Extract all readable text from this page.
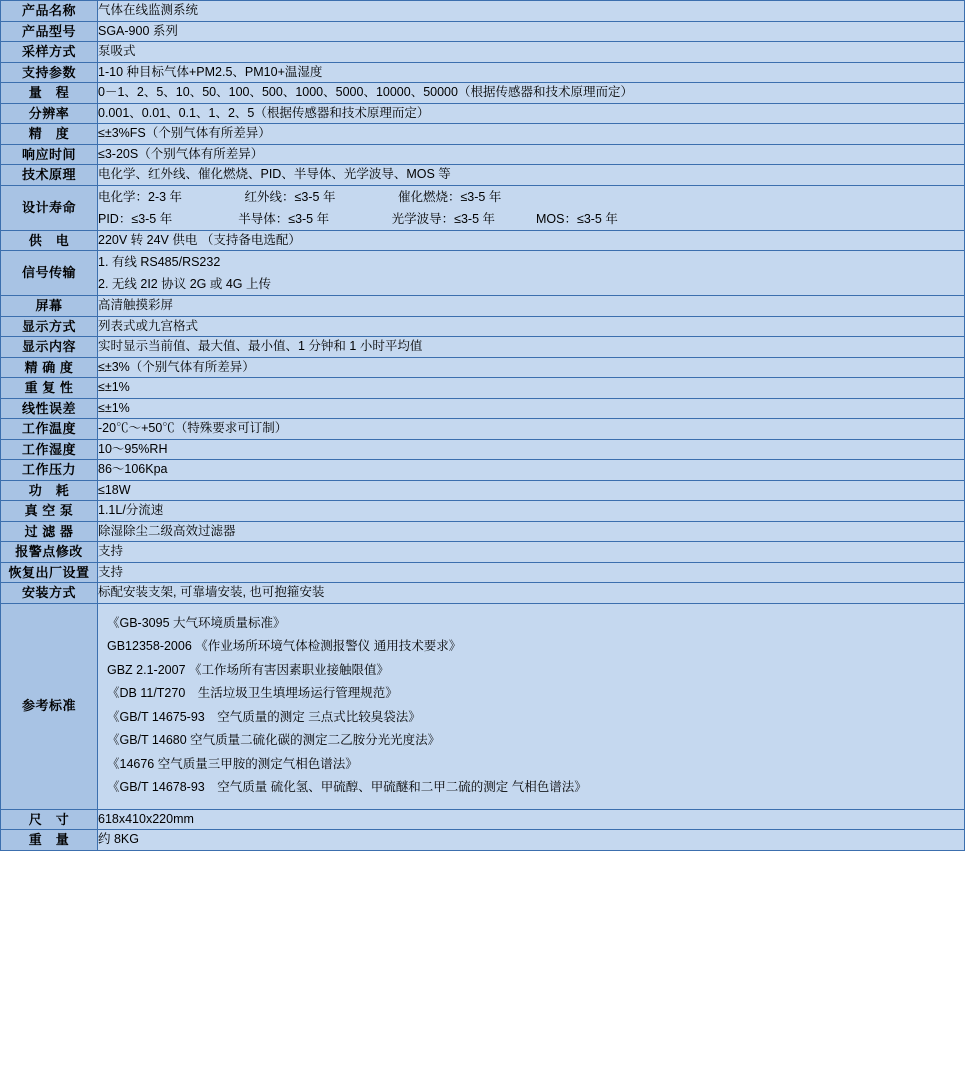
产品名称	气体在线监测系统
产品型号	SGA-900 系列
采样方式	泵吸式
支持参数	1-10 种目标气体+PM2.5、PM10+温湿度
量　程	0－1、2、5、10、50、100、500、1000、5000、10000、50000（根据传感器和技术原理而定）
分辨率	0.001、0.01、0.1、1、2、5（根据传感器和技术原理而定）
精　度	≤±3%FS（个别气体有所差异）
响应时间	≤3-20S（个别气体有所差异）
技术原理	电化学、红外线、催化燃烧、PID、半导体、光学波导、MOS 等
设计寿命	电化学：2-3 年　　　　　红外线：≤3-5 年　　　　　催化燃烧：≤3-5 年
PID：≤3-5 年　　　　　 半导体：≤3-5 年　　　　　光学波导：≤3-5 年　　　 MOS：≤3-5 年

供　电	220V 转 24V 供电 （支持备电选配）
信号传输	1. 有线 RS485/RS232
2. 无线 2I2 协议 2G 或 4G 上传

屏幕	高清触摸彩屏
显示方式	列表式或九宫格式
显示内容	实时显示当前值、最大值、最小值、1 分钟和 1 小时平均值
精 确 度	≤±3%（个别气体有所差异）
重 复 性	≤±1%
线性误差	≤±1%
工作温度	-20℃～+50℃（特殊要求可订制）
工作湿度	10～95%RH
工作压力	86～106Kpa
功　耗	≤18W
真 空 泵	1.1L/分流速
过 滤 器	除湿除尘二级高效过滤器
报警点修改	支持
恢复出厂设置	支持
安装方式	标配安装支架, 可靠墙安装, 也可抱箍安装
参考标准	
《GB-3095 大气环境质量标准》
GB12358-2006 《作业场所环境气体检测报警仪 通用技术要求》
GBZ 2.1-2007 《工作场所有害因素职业接触限值》
《DB 11/T270　生活垃圾卫生填埋场运行管理规范》
《GB/T 14675-93　空气质量的测定 三点式比较臭袋法》
《GB/T 14680 空气质量二硫化碳的测定二乙胺分光光度法》
《14676 空气质量三甲胺的测定气相色谱法》
《GB/T 14678-93　空气质量 硫化氢、甲硫醇、甲硫醚和二甲二硫的测定 气相色谱法》

尺　寸	618x410x220mm
重　量	约 8KG
